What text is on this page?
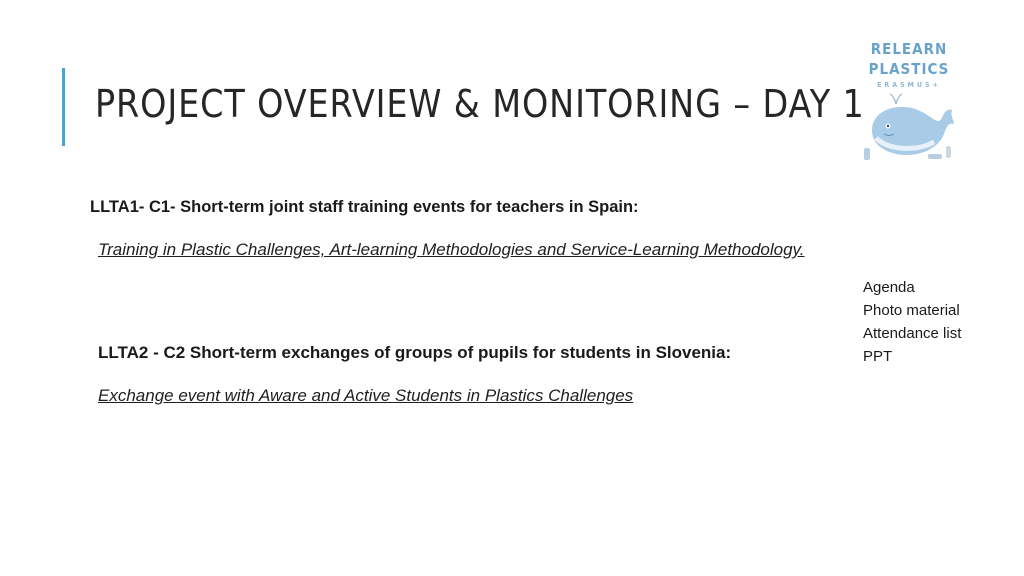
PROJECT OVERVIEW & MONITORING – DAY 1
RELEARN
PLASTICS
ERASMUS+

LLTA1- C1- Short-term joint staff training events for teachers in Spain:

Training in Plastic Challenges, Art-learning Methodologies and Service-Learning Methodology.

Agenda
Photo material
Attendance list
PPT

LLTA2 - C2 Short-term exchanges of groups of pupils for students in Slovenia:

Exchange event with Aware and Active Students in Plastics Challenges
